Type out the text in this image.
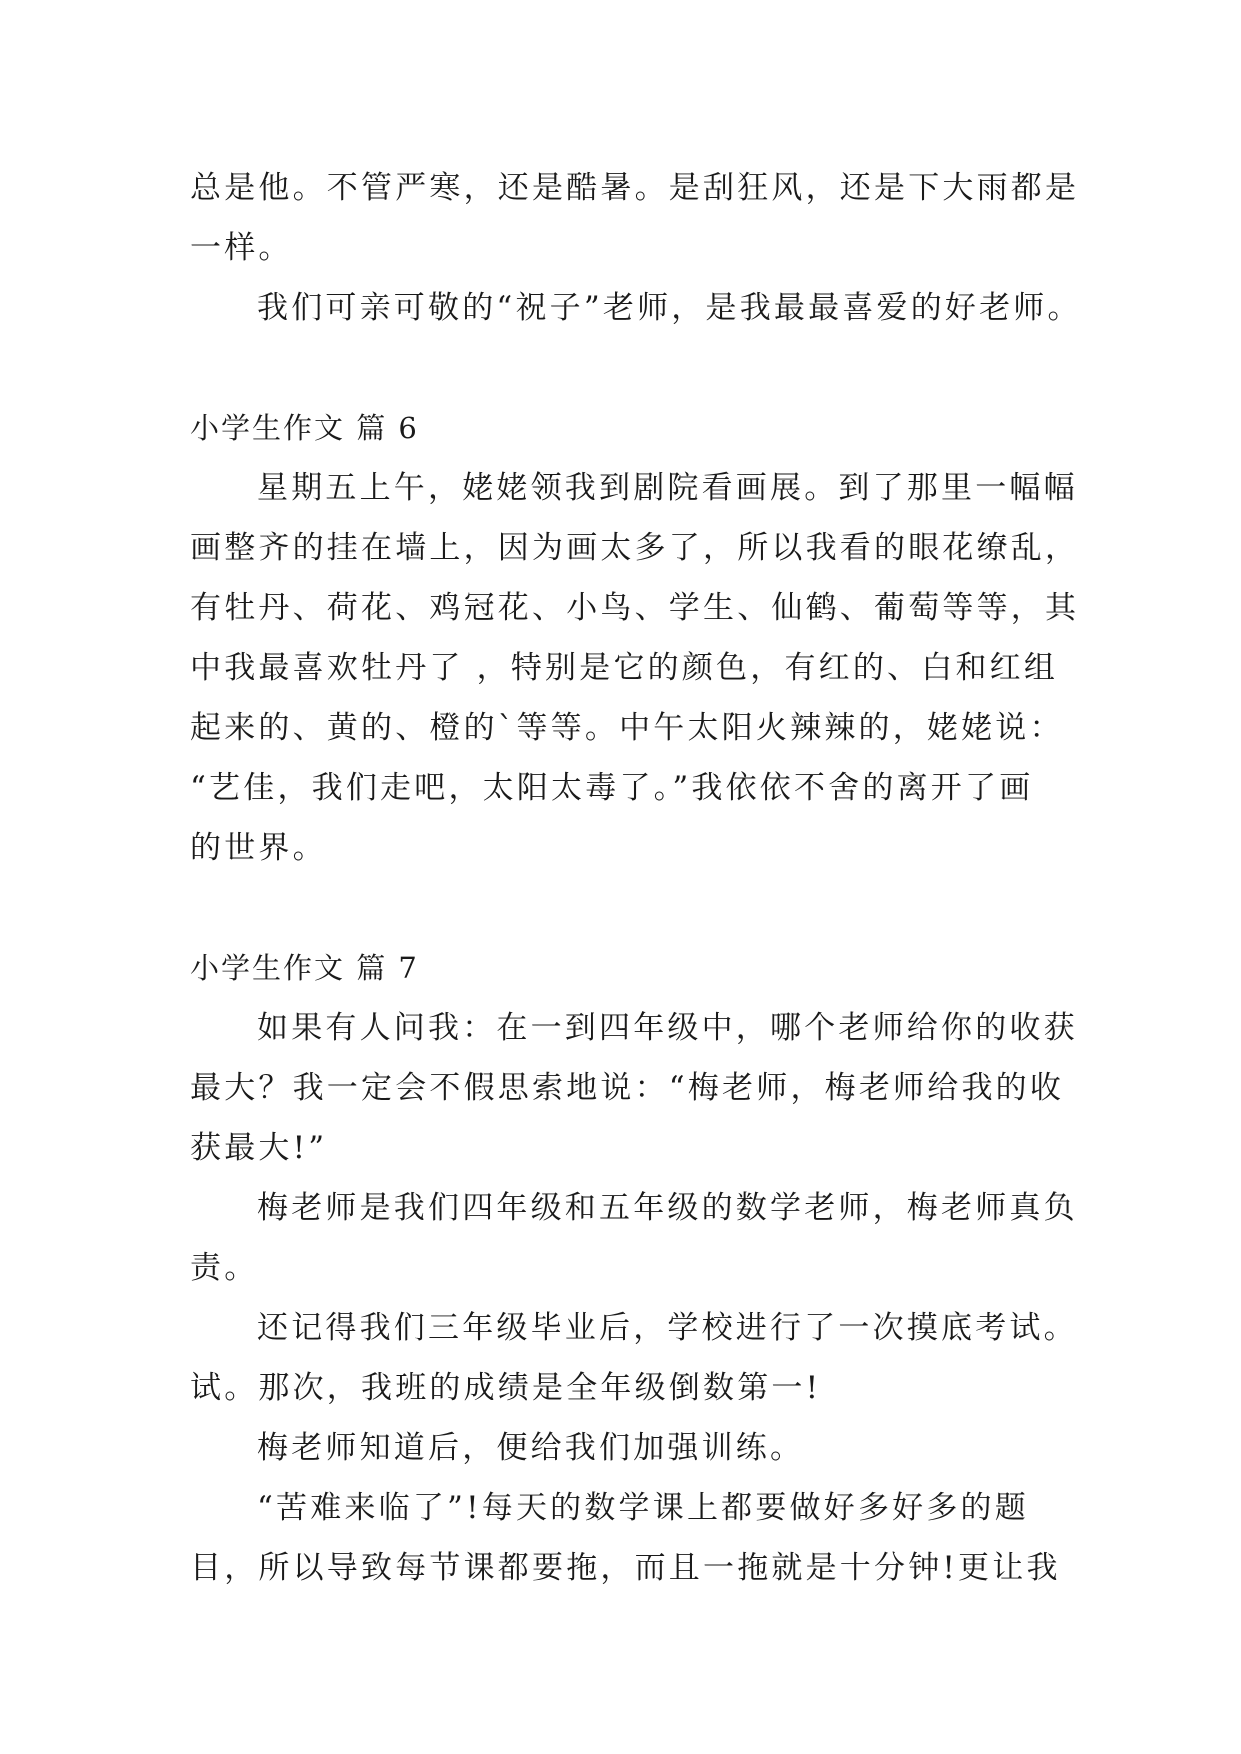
总是他。不管严寒，还是酷暑。是刮狂风，还是下大雨都是
一样。
我们可亲可敬的“祝子”老师，是我最最喜爱的好老师。
小学生作文 篇 6
星期五上午，姥姥领我到剧院看画展。到了那里一幅幅
画整齐的挂在墙上，因为画太多了，所以我看的眼花缭乱，
有牡丹、荷花、鸡冠花、小鸟、学生、仙鹤、葡萄等等，其
中我最喜欢牡丹了 ，特别是它的颜色，有红的、白和红组
起来的、黄的、橙的`等等。中午太阳火辣辣的，姥姥说：
“艺佳，我们走吧，太阳太毒了。”我依依不舍的离开了画
的世界。
小学生作文 篇 7
如果有人问我：在一到四年级中，哪个老师给你的收获
最大？我一定会不假思索地说：“梅老师，梅老师给我的收
获最大!”
梅老师是我们四年级和五年级的数学老师，梅老师真负
责。
还记得我们三年级毕业后，学校进行了一次摸底考试。
试。那次，我班的成绩是全年级倒数第一!
梅老师知道后，便给我们加强训练。
“苦难来临了”!每天的数学课上都要做好多好多的题
目，所以导致每节课都要拖，而且一拖就是十分钟!更让我
